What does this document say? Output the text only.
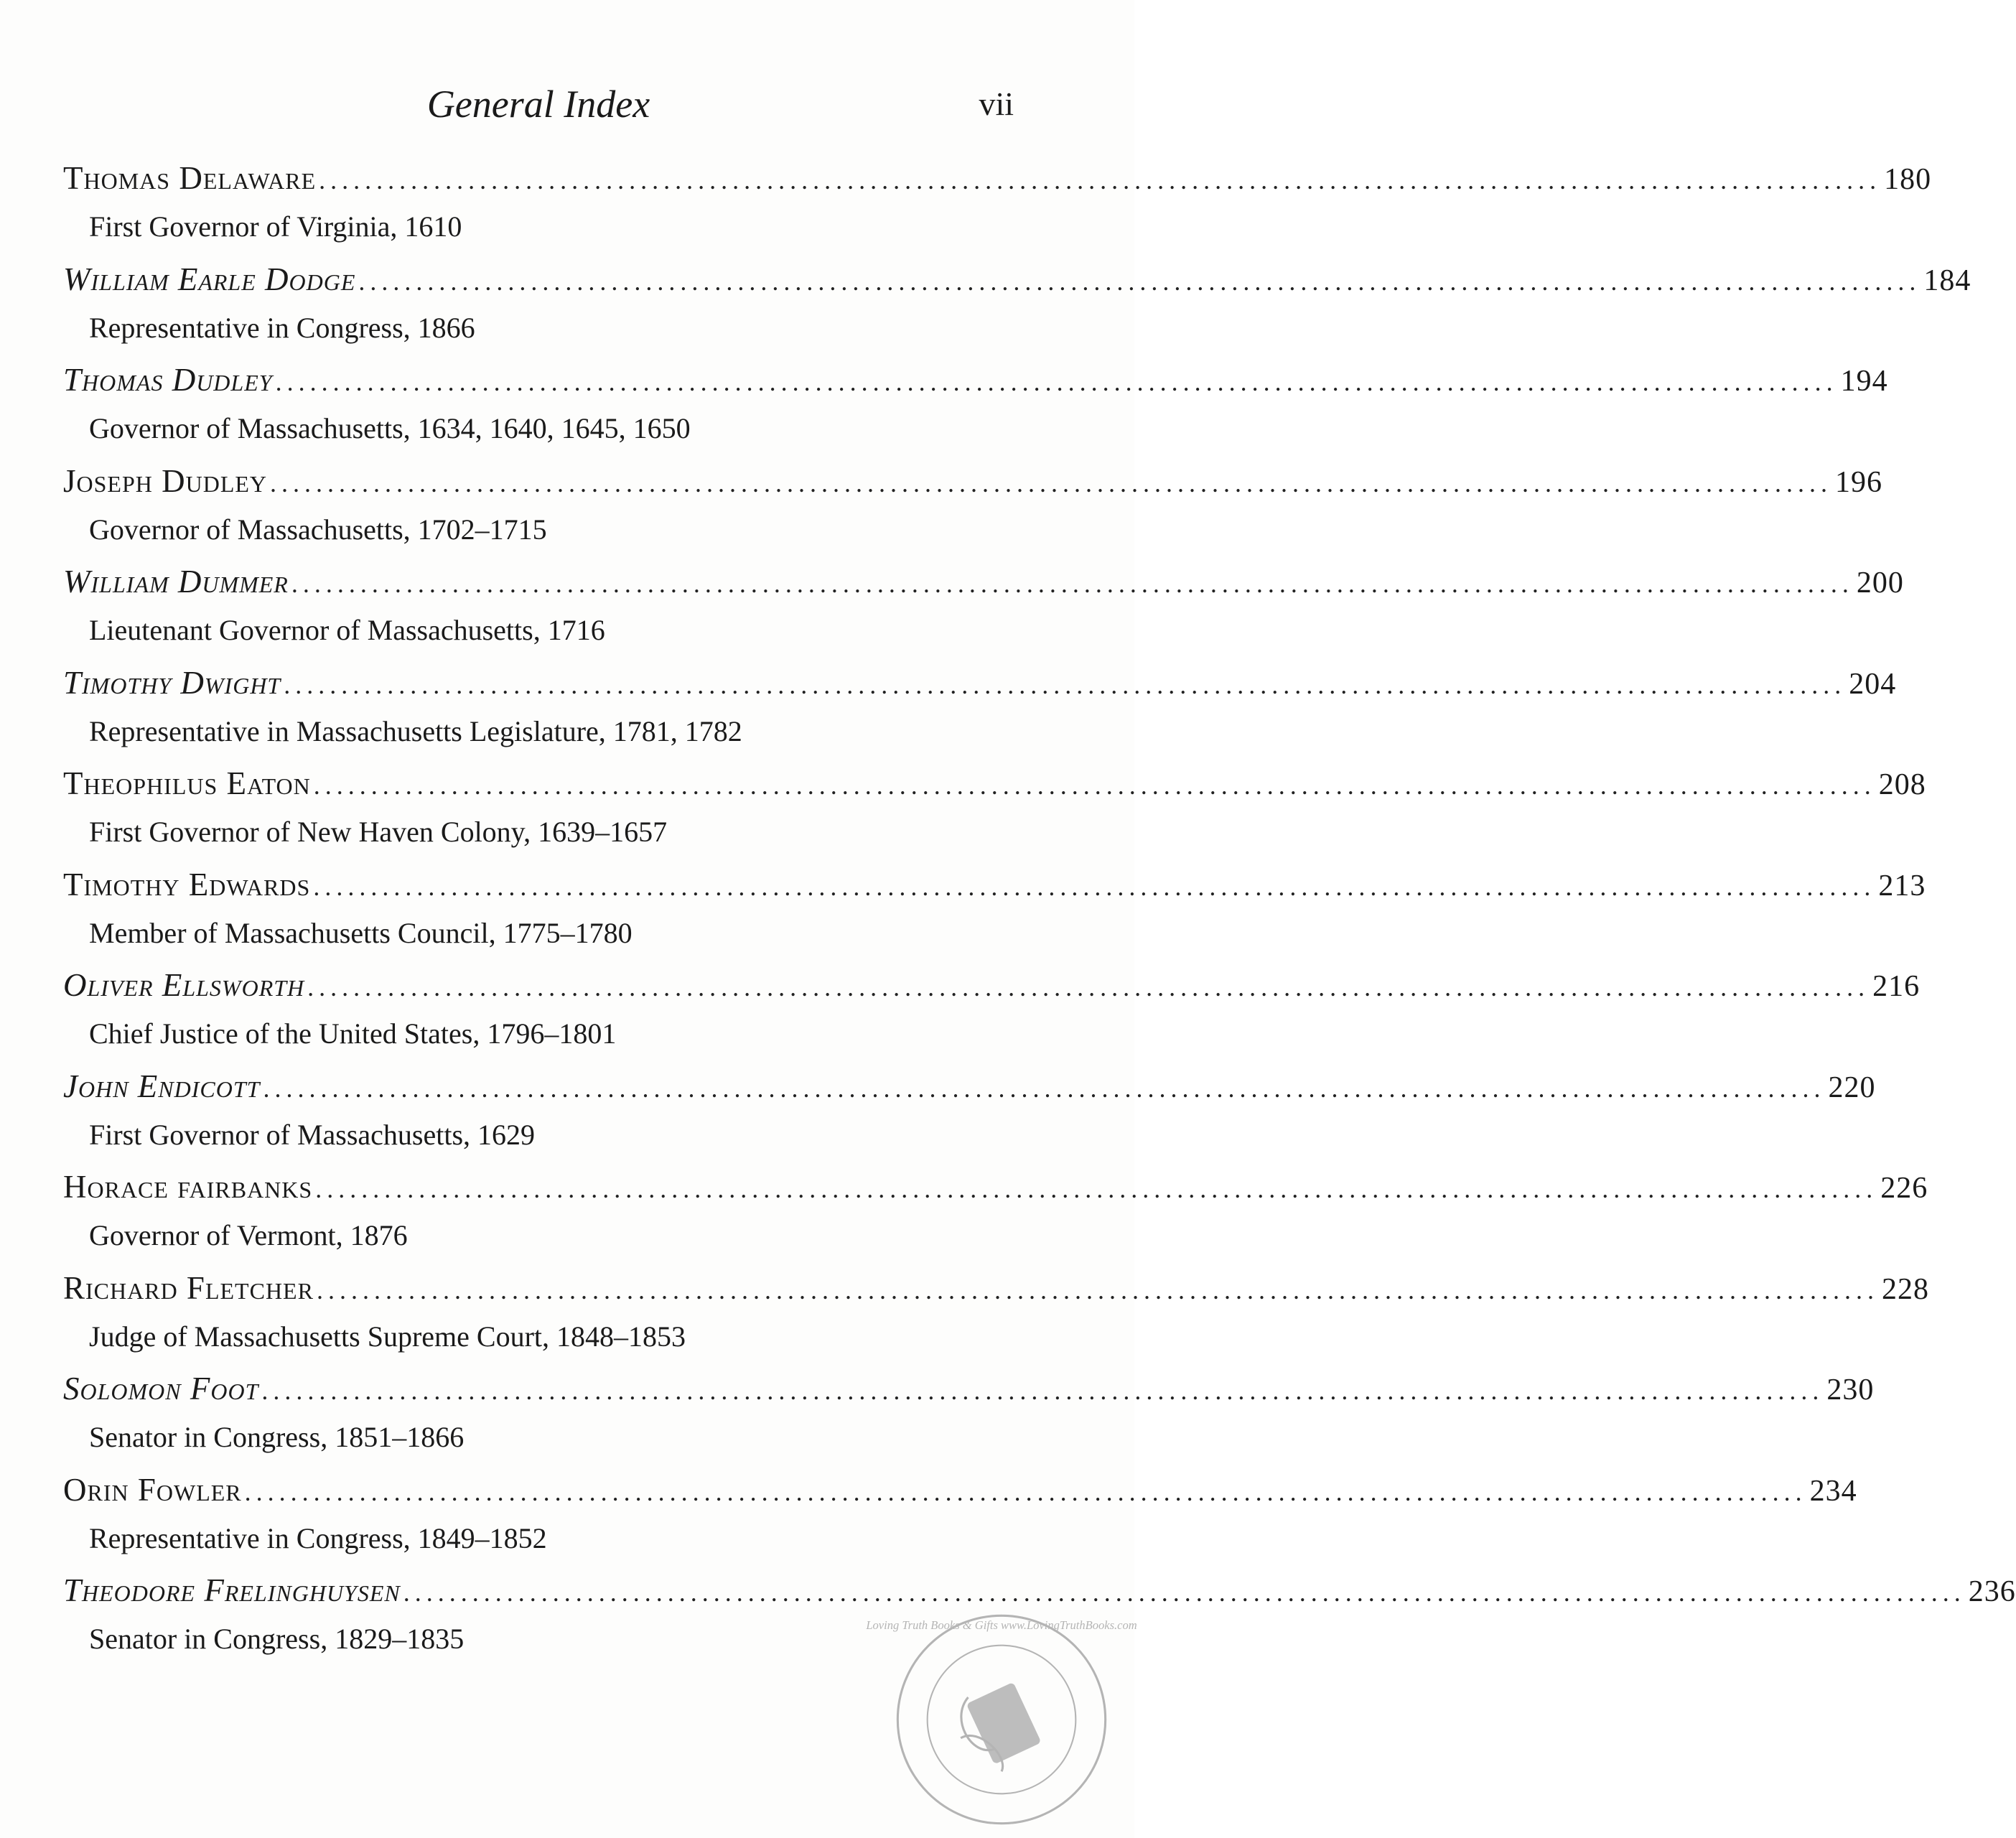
General Index	vii
Thomas Delaware .....	180
First Governor of Virginia, 1610
William Earle Dodge .....	184
Representative in Congress, 1866
Thomas Dudley .....	194
Governor of Massachusetts, 1634, 1640, 1645, 1650
Joseph Dudley .....	196
Governor of Massachusetts, 1702–1715
William Dummer .....	200
Lieutenant Governor of Massachusetts, 1716
Timothy Dwight .....	204
Representative in Massachusetts Legislature, 1781, 1782
Theophilus Eaton .....	208
First Governor of New Haven Colony, 1639–1657
Timothy Edwards .....	213
Member of Massachusetts Council, 1775–1780
Oliver Ellsworth .....	216
Chief Justice of the United States, 1796–1801
John Endicott .....	220
First Governor of Massachusetts, 1629
Horace fairbanks .....	226
Governor of Vermont, 1876
Richard Fletcher .....	228
Judge of Massachusetts Supreme Court, 1848–1853
Solomon Foot .....	230
Senator in Congress, 1851–1866
Orin Fowler .....	234
Representative in Congress, 1849–1852
Theodore Frelinghuysen .....	236
Senator in Congress, 1829–1835	Loving Truth Books & Gifts www.LovingTruthBooks.com
